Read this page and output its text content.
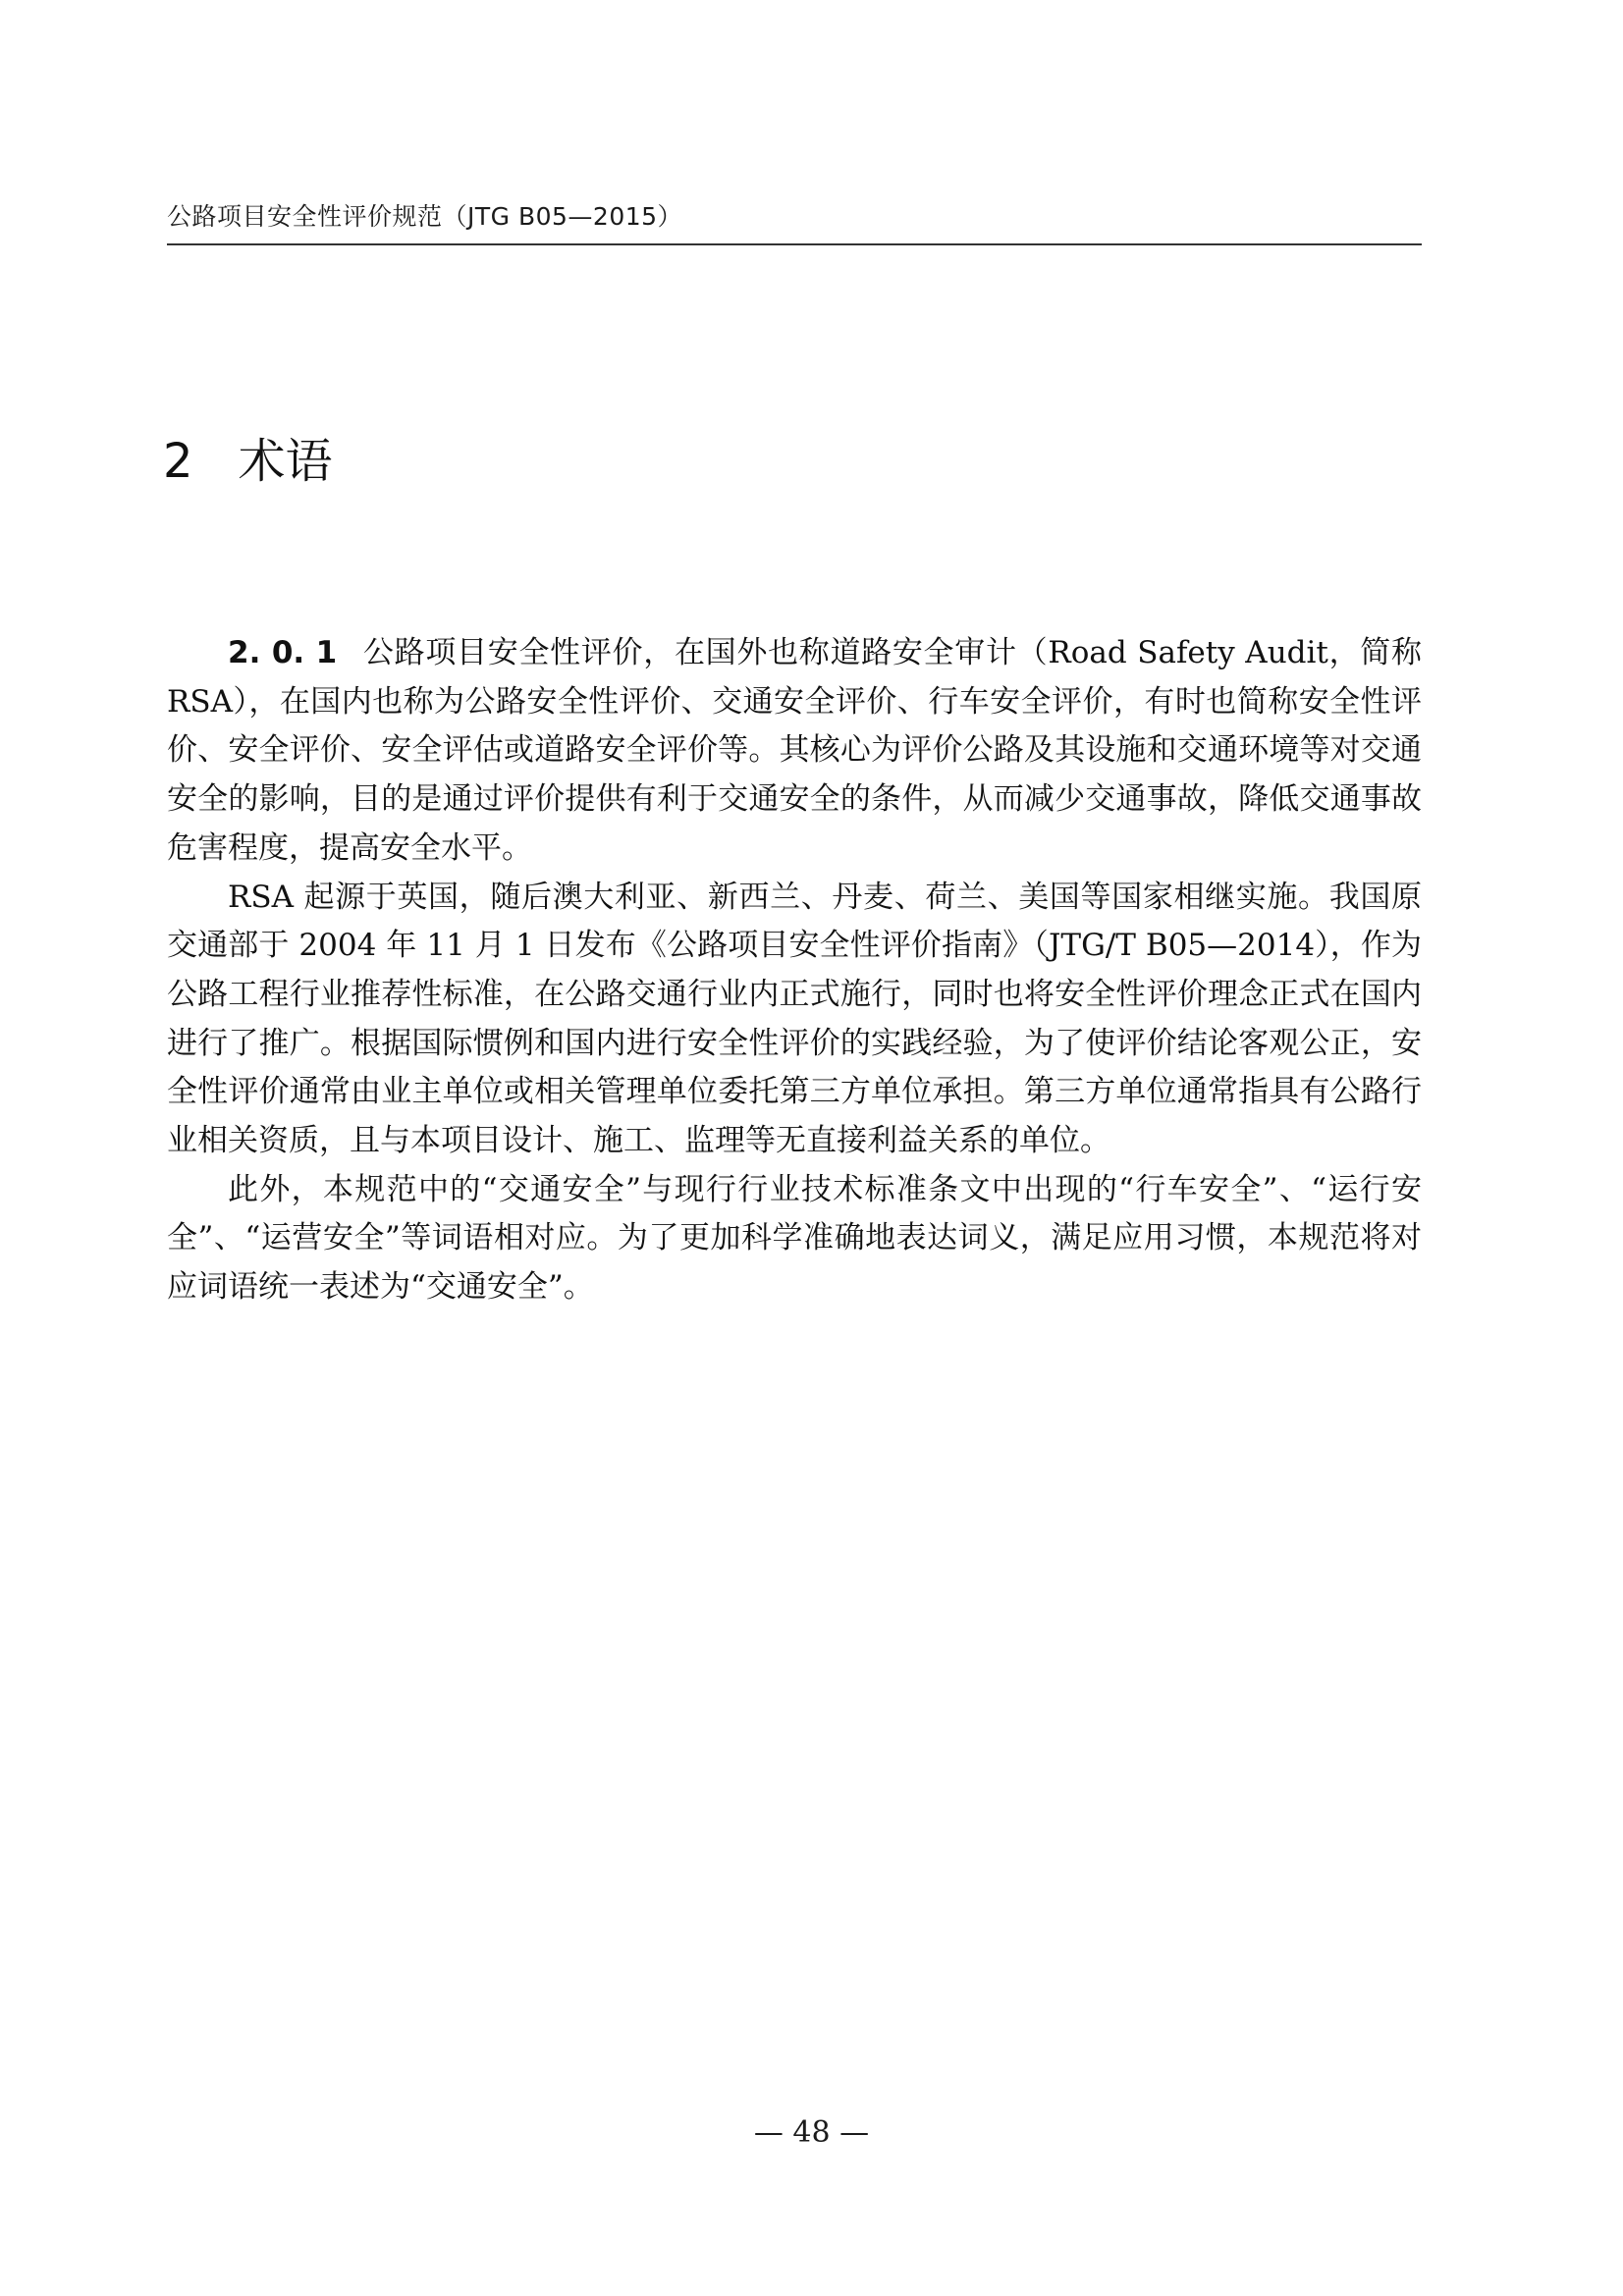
公路项目安全性评价规范（JTG B05—2015）
2 术语

2. 0. 1 公路项目安全性评价，在国外也称道路安全审计（Road Safety Audit，简称RSA），在国内也称为公路安全性评价、交通安全评价、行车安全评价，有时也简称安全性评价、安全评价、安全评估或道路安全评价等。其核心为评价公路及其设施和交通环境等对交通安全的影响，目的是通过评价提供有利于交通安全的条件，从而减少交通事故，降低交通事故危害程度，提高安全水平。

RSA 起源于英国，随后澳大利亚、新西兰、丹麦、荷兰、美国等国家相继实施。我国原交通部于 2004 年 11 月 1 日发布《公路项目安全性评价指南》（JTG/T B05—2014），作为公路工程行业推荐性标准，在公路交通行业内正式施行，同时也将安全性评价理念正式在国内进行了推广。根据国际惯例和国内进行安全性评价的实践经验，为了使评价结论客观公正，安全性评价通常由业主单位或相关管理单位委托第三方单位承担。第三方单位通常指具有公路行业相关资质，且与本项目设计、施工、监理等无直接利益关系的单位。

此外，本规范中的“交通安全”与现行行业技术标准条文中出现的“行车安全”、“运行安全”、“运营安全”等词语相对应。为了更加科学准确地表达词义，满足应用习惯，本规范将对应词语统一表述为“交通安全”。

— 48 —
